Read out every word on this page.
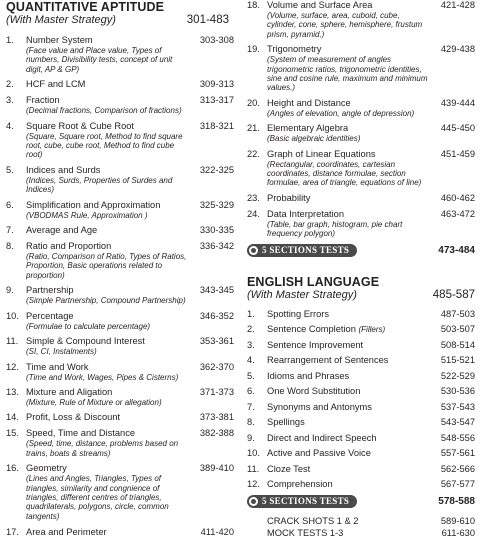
QUANTITATIVE APTITUDE
(With Master Strategy)	301-483
1.	Number System	303-308
(Face value and Place value, Types of numbers, Divisibility tests, concept of unit digit, AP & GP)
2.	HCF and LCM	309-313
3.	Fraction	313-317
(Decimal fractions, Comparison of fractions)
4.	Square Root & Cube Root	318-321
(Square, Square root, Method to find square root, cube, cube root, Method to find cube root)
5.	Indices and Surds	322-325
(Indices, Surds, Properties of Surdes and Indices)
6.	Simplification and Approximation	325-329
(VBODMAS Rule, Approximation )
7.	Average and Age	330-335
8.	Ratio and Proportion	336-342
(Ratio, Comparison of Ratio, Types of Ratios, Proportion, Basic operations related to proportion)
9.	Partnership	343-345
(Simple Partnership, Compound Partnership)
10. Percentage	346-352
(Formulae to calculate percentage)
11. Simple & Compound Interest	353-361
(SI, CI, Instalments)
12. Time and Work	362-370
(Time and Work, Wages, Pipes & Cisterns)
13. Mixture and Aligation	371-373
(Mixture, Rule of Mixture or allegation)
14. Profit, Loss & Discount	373-381
15. Speed, Time and Distance	382-388
(Speed, time, distance, problems based on trains, boats & streams)
16. Geometry	389-410
(Lines and Angles, Triangles, Types of triangles, similarity and congnience of triangles, different centres of triangles, quadrilaterals, polygons, circle, common tangents)
17. Area and Perimeter	411-420
18. Volume and Surface Area	421-428
(Volume, surface, area, cuboid, cube, cylinder, cone, sphere, hemisphere, frustum prism, pyramid.)
19. Trigonometry	429-438
(System of measurement of angles trigonometric ratios, trigonometric identities, sine and cosine rule, maximum and minimum values.)
20. Height and Distance	439-444
(Angles of elevation, angle of depression)
21. Elementary Algebra	445-450
(Basic algebraic identities)
22. Graph of Linear Equations	451-459
(Rectangular, coordinates, cartesian coordinates, distance formulae, section formulae, area of triangle, equations of line)
23. Probability	460-462
24. Data Interpretation	463-472
(Table, bar graph, histogram, pie chart frequency polygon)
5 SECTIONS TESTS	473-484
ENGLISH LANGUAGE
(With Master Strategy)	485-587
1.	Spotting Errors	487-503
2.	Sentence Completion (Fillers)	503-507
3.	Sentence Improvement	508-514
4.	Rearrangement of Sentences	515-521
5.	Idioms and Phrases	522-529
6.	One Word Substitution	530-536
7.	Synonyms and Antonyms	537-543
8.	Spellings	543-547
9.	Direct and Indirect Speech	548-556
10. Active and Passive Voice	557-561
11. Cloze Test	562-566
12. Comprehension	567-577
5 SECTIONS TESTS	578-588
CRACK SHOTS 1 & 2	589-610
MOCK TESTS 1-3	611-630
